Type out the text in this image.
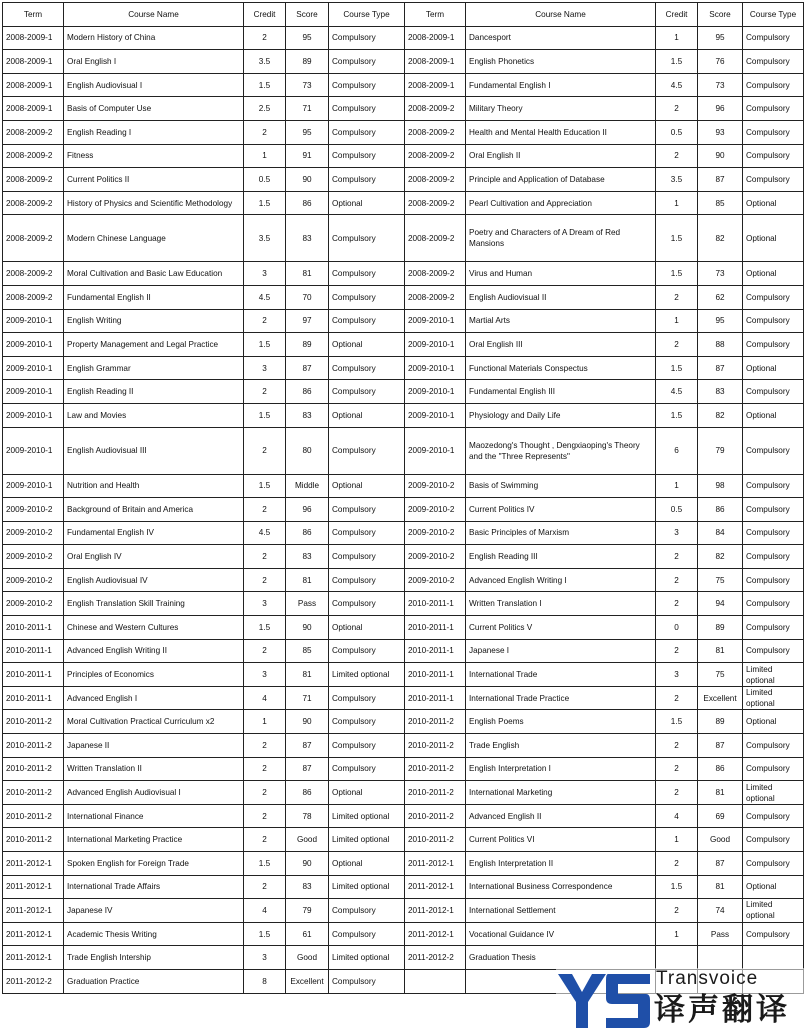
Term	Course Name	Credit	Score	Course Type	Term	Course Name	Credit	Score	Course Type
2008-2009-1	Modern History of China	2	95	Compulsory	2008-2009-1	Dancesport	1	95	Compulsory
2008-2009-1	Oral English I	3.5	89	Compulsory	2008-2009-1	English Phonetics	1.5	76	Compulsory
2008-2009-1	English Audiovisual I	1.5	73	Compulsory	2008-2009-1	Fundamental English I	4.5	73	Compulsory
2008-2009-1	Basis of Computer Use	2.5	71	Compulsory	2008-2009-2	Military Theory	2	96	Compulsory
2008-2009-2	English Reading I	2	95	Compulsory	2008-2009-2	Health and Mental Health Education II	0.5	93	Compulsory
2008-2009-2	Fitness	1	91	Compulsory	2008-2009-2	Oral English II	2	90	Compulsory
2008-2009-2	Current Politics II	0.5	90	Compulsory	2008-2009-2	Principle and Application of Database	3.5	87	Compulsory
2008-2009-2	History of Physics and Scientific Methodology	1.5	86	Optional	2008-2009-2	Pearl Cultivation and Appreciation	1	85	Optional
2008-2009-2	Modern Chinese Language	3.5	83	Compulsory	2008-2009-2	Poetry and Characters of A Dream of Red Mansions	1.5	82	Optional
2008-2009-2	Moral Cultivation and Basic Law Education	3	81	Compulsory	2008-2009-2	Virus and Human	1.5	73	Optional
2008-2009-2	Fundamental English II	4.5	70	Compulsory	2008-2009-2	English Audiovisual II	2	62	Compulsory
2009-2010-1	English Writing	2	97	Compulsory	2009-2010-1	Martial Arts	1	95	Compulsory
2009-2010-1	Property Management and Legal Practice	1.5	89	Optional	2009-2010-1	Oral English III	2	88	Compulsory
2009-2010-1	English Grammar	3	87	Compulsory	2009-2010-1	Functional Materials Conspectus	1.5	87	Optional
2009-2010-1	English Reading II	2	86	Compulsory	2009-2010-1	Fundamental English III	4.5	83	Compulsory
2009-2010-1	Law and Movies	1.5	83	Optional	2009-2010-1	Physiology and Daily Life	1.5	82	Optional
2009-2010-1	English Audiovisual III	2	80	Compulsory	2009-2010-1	Maozedong's Thought , Dengxiaoping's Theory and the "Three Represents"	6	79	Compulsory
2009-2010-1	Nutrition and Health	1.5	Middle	Optional	2009-2010-2	Basis of Swimming	1	98	Compulsory
2009-2010-2	Background of Britain and America	2	96	Compulsory	2009-2010-2	Current Politics IV	0.5	86	Compulsory
2009-2010-2	Fundamental English IV	4.5	86	Compulsory	2009-2010-2	Basic Principles of Marxism	3	84	Compulsory
2009-2010-2	Oral English IV	2	83	Compulsory	2009-2010-2	English Reading III	2	82	Compulsory
2009-2010-2	English Audiovisual IV	2	81	Compulsory	2009-2010-2	Advanced English Writing I	2	75	Compulsory
2009-2010-2	English Translation Skill Training	3	Pass	Compulsory	2010-2011-1	Written Translation I	2	94	Compulsory
2010-2011-1	Chinese and Western Cultures	1.5	90	Optional	2010-2011-1	Current Politics V	0	89	Compulsory
2010-2011-1	Advanced English Writing II	2	85	Compulsory	2010-2011-1	Japanese I	2	81	Compulsory
2010-2011-1	Principles of Economics	3	81	Limited optional	2010-2011-1	International Trade	3	75	Limited optional
2010-2011-1	Advanced English I	4	71	Compulsory	2010-2011-1	International Trade Practice	2	Excellent	Limited optional
2010-2011-2	Moral Cultivation Practical Curriculum x2	1	90	Compulsory	2010-2011-2	English Poems	1.5	89	Optional
2010-2011-2	Japanese II	2	87	Compulsory	2010-2011-2	Trade English	2	87	Compulsory
2010-2011-2	Written Translation II	2	87	Compulsory	2010-2011-2	English Interpretation I	2	86	Compulsory
2010-2011-2	Advanced English Audiovisual I	2	86	Optional	2010-2011-2	International Marketing	2	81	Limited optional
2010-2011-2	International Finance	2	78	Limited optional	2010-2011-2	Advanced English II	4	69	Compulsory
2010-2011-2	International Marketing Practice	2	Good	Limited optional	2010-2011-2	Current Politics VI	1	Good	Compulsory
2011-2012-1	Spoken English for Foreign Trade	1.5	90	Optional	2011-2012-1	English Interpretation II	2	87	Compulsory
2011-2012-1	International Trade Affairs	2	83	Limited optional	2011-2012-1	International Business Correspondence	1.5	81	Optional
2011-2012-1	Japanese IV	4	79	Compulsory	2011-2012-1	International Settlement	2	74	Limited optional
2011-2012-1	Academic Thesis Writing	1.5	61	Compulsory	2011-2012-1	Vocational Guidance IV	1	Pass	Compulsory
2011-2012-1	Trade English Intership	3	Good	Limited optional	2011-2012-2	Graduation Thesis			
2011-2012-2	Graduation Practice	8	Excellent	Compulsory						Transvoice
译声翻译
